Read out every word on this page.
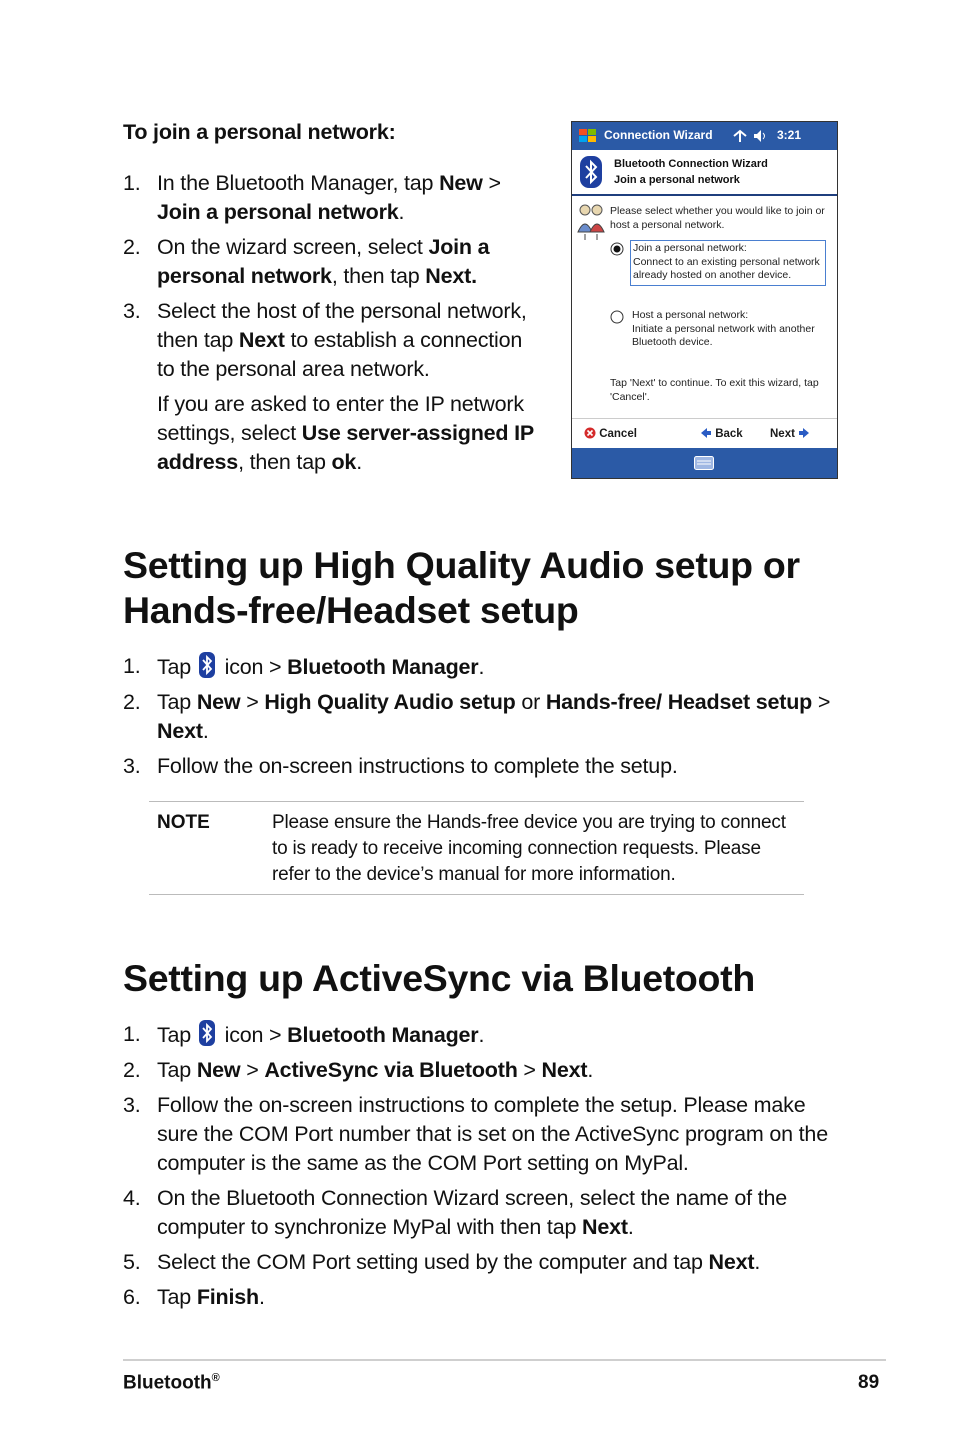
To join a personal network:
1. In the Bluetooth Manager, tap New > Join a personal network.
2. On the wizard screen, select Join a personal network, then tap Next.
3. Select the host of the personal network, then tap Next to establish a connection to the personal area network.
If you are asked to enter the IP network settings, select Use server-assigned IP address, then tap ok.
Connection Wizard	3:21
Bluetooth Connection Wizard
Join a personal network
Please select whether you would like to join or host a personal network.
Join a personal network:
Connect to an existing personal network already hosted on another device.
Host a personal network:
Initiate a personal network with another Bluetooth device.
Tap 'Next' to continue. To exit this wizard, tap 'Cancel'.
Cancel	Back Next
Setting up High Quality Audio setup or Hands-free/Headset setup
1. Tap  icon > Bluetooth Manager.
2. Tap New > High Quality Audio setup or Hands-free/ Headset setup > Next.
3. Follow the on-screen instructions to complete the setup.
NOTE	Please ensure the Hands-free device you are trying to connect to is ready to receive incoming connection requests. Please refer to the device’s manual for more information.
Setting up ActiveSync via Bluetooth
1. Tap  icon > Bluetooth Manager.
2. Tap New > ActiveSync via Bluetooth > Next.
3. Follow the on-screen instructions to complete the setup. Please make sure the COM Port number that is set on the ActiveSync program on the computer is the same as the COM Port setting on MyPal.
4. On the Bluetooth Connection Wizard screen, select the name of the computer to synchronize MyPal with then tap Next.
5. Select the COM Port setting used by the computer and tap Next.
6. Tap Finish.
Bluetooth®	89
